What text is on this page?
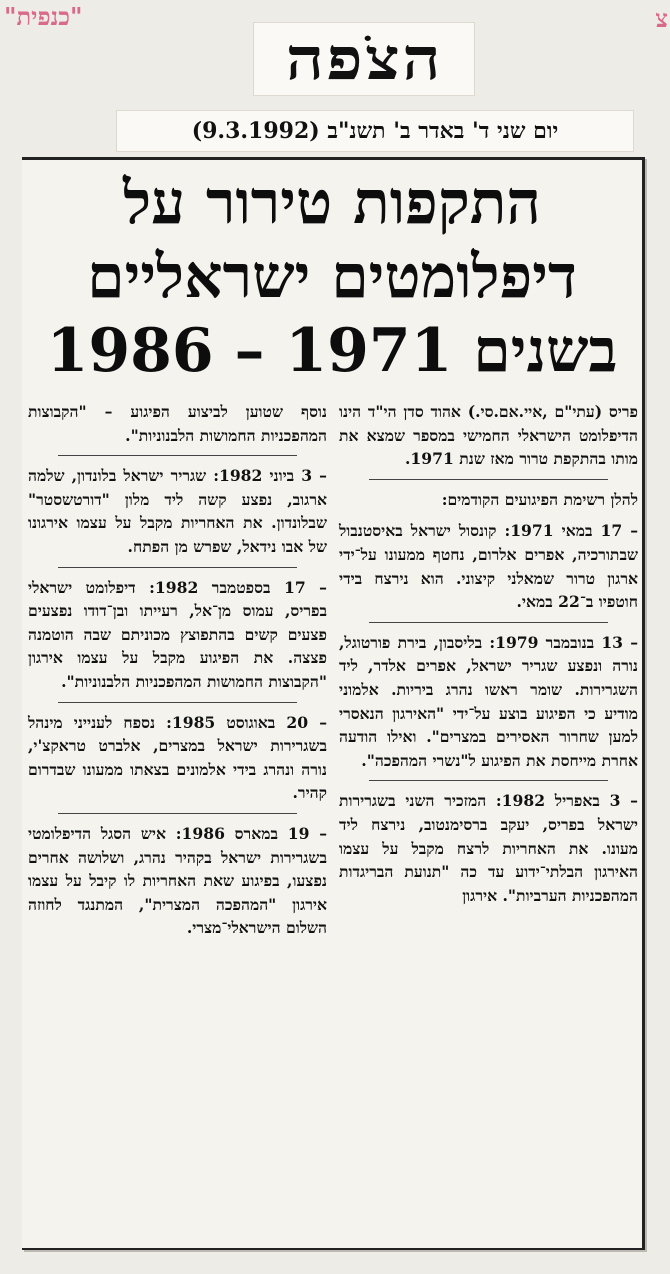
"כנפית"	צ
הצֹפה
יום שני ד' באדר ב' תשנ"ב (9.3.1992)
התקפות טירור על
דיפלומטים ישראליים
בשנים 1971 – 1986

פריס (עתי"ם ,איי.אם.סי.) אהוד סדן הי"ד הינו הדיפלומט הישראלי החמישי במספר שמצא את מותו בהתקפת טרור מאז שנת 1971.

להלן רשימת הפיגועים הקודמים:

– 17 במאי 1971: קונסול ישראל באיסטנבול שבתורכיה, אפרים אלרום, נחטף ממעונו על־ידי ארגון טרור שמאלני קיצוני. הוא נירצח בידי חוטפיו ב־22 במאי.

– 13 בנובמבר 1979: בליסבון, בירת פורטוגל, נורה ונפצע שגריר ישראל, אפרים אלדר, ליד השגרירות. שומר ראשו נהרג ביריות. אלמוני מודיע כי הפיגוע בוצע על־ידי "האירגון הנאסרי למען שחרור האסירים במצרים". ואילו הודעה אחרת מייחסת את הפיגוע ל"נשרי המהפכה".

– 3 באפריל 1982: המזכיר השני בשגרירות ישראל בפריס, יעקב ברסימנטוב, נירצח ליד מעונו. את האחריות לרצח מקבל על עצמו האירגון הבלתי־ידוע עד כה "תנועת הבריגדות המהפכניות הערביות". אירגון

נוסף שטוען לביצוע הפיגוע – "הקבוצות המהפכניות החמושות הלבנוניות".

– 3 ביוני 1982: שגריר ישראל בלונדון, שלמה ארגוב, נפצע קשה ליד מלון "דורטשסטר" שבלונדון. את האחריות מקבל על עצמו אירגונו של אבו נידאל, שפרש מן הפתח.

– 17 בספטמבר 1982: דיפלומט ישראלי בפריס, עמוס מן־אל, רעייתו ובן־דודו נפצעים פצעים קשים בהתפוצץ מכוניתם שבה הוטמנה פצצה. את הפיגוע מקבל על עצמו אירגון "הקבוצות החמושות המהפכניות הלבנוניות".

– 20 באוגוסט 1985: נספח לענייני מינהל בשגרירות ישראל במצרים, אלברט טראקצ'י, נורה ונהרג בידי אלמונים בצאתו ממעונו שבדרום קהיר.

– 19 במארס 1986: איש הסגל הדיפלומטי בשגרירות ישראל בקהיר נהרג, ושלושה אחרים נפצעו, בפיגוע שאת האחריות לו קיבל על עצמו אירגון "המהפכה המצרית", המתנגד לחוזה השלום הישראלי־מצרי.
